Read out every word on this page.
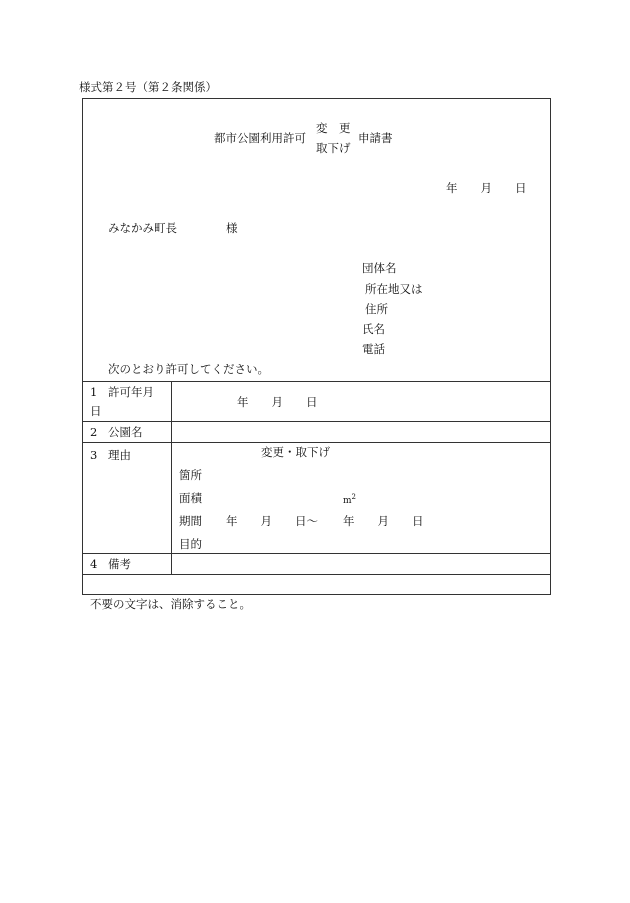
様式第２号（第２条関係）
都市公園利用許可
変　更
取下げ
申請書
年　　月　　日
みなかみ町長	様
団体名
所在地又は
住所
氏名
電話
次のとおり許可してください。
1 許可年月
日
年　　月　　日
2 公園名
3 理由	変更・取下げ
箇所
面積	$m^2$
期間 年　　月　　日～ 年　　月　　日
目的
4 備考
不要の文字は、消除すること。
